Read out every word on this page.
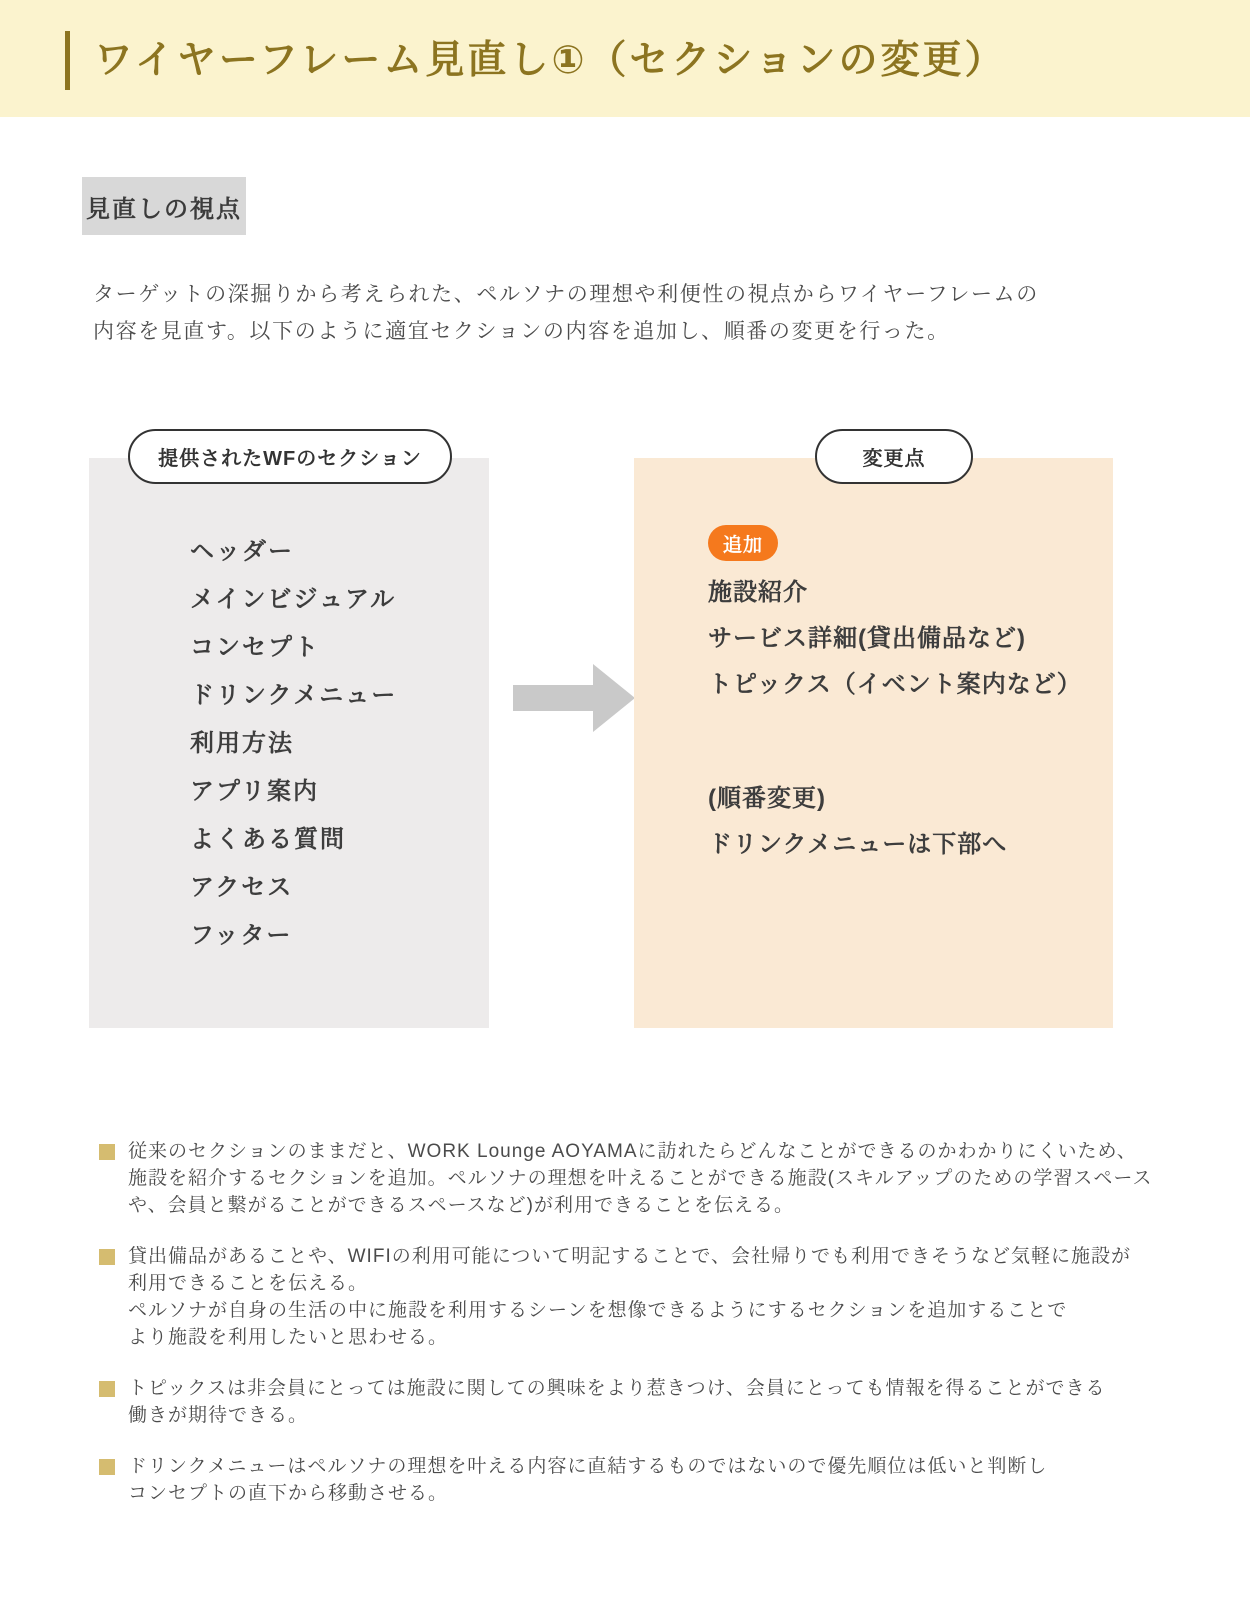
ワイヤーフレーム見直し①（セクションの変更）
見直しの視点
ターゲットの深掘りから考えられた、ペルソナの理想や利便性の視点からワイヤーフレームの
内容を見直す。以下のように適宜セクションの内容を追加し、順番の変更を行った。
提供されたWFのセクション
ヘッダー
メインビジュアル
コンセプト
ドリンクメニュー
利用方法
アプリ案内
よくある質問
アクセス
フッター
変更点
追加
施設紹介
サービス詳細(貸出備品など)
トピックス（イベント案内など）
(順番変更)
ドリンクメニューは下部へ
従来のセクションのままだと、WORK Lounge AOYAMAに訪れたらどんなことができるのかわかりにくいため、
施設を紹介するセクションを追加。ペルソナの理想を叶えることができる施設(スキルアップのための学習スペース
や、会員と繋がることができるスペースなど)が利用できることを伝える。
貸出備品があることや、WIFIの利用可能について明記することで、会社帰りでも利用できそうなど気軽に施設が
利用できることを伝える。
ペルソナが自身の生活の中に施設を利用するシーンを想像できるようにするセクションを追加することで
より施設を利用したいと思わせる。
トピックスは非会員にとっては施設に関しての興味をより惹きつけ、会員にとっても情報を得ることができる
働きが期待できる。
ドリンクメニューはペルソナの理想を叶える内容に直結するものではないので優先順位は低いと判断し
コンセプトの直下から移動させる。
